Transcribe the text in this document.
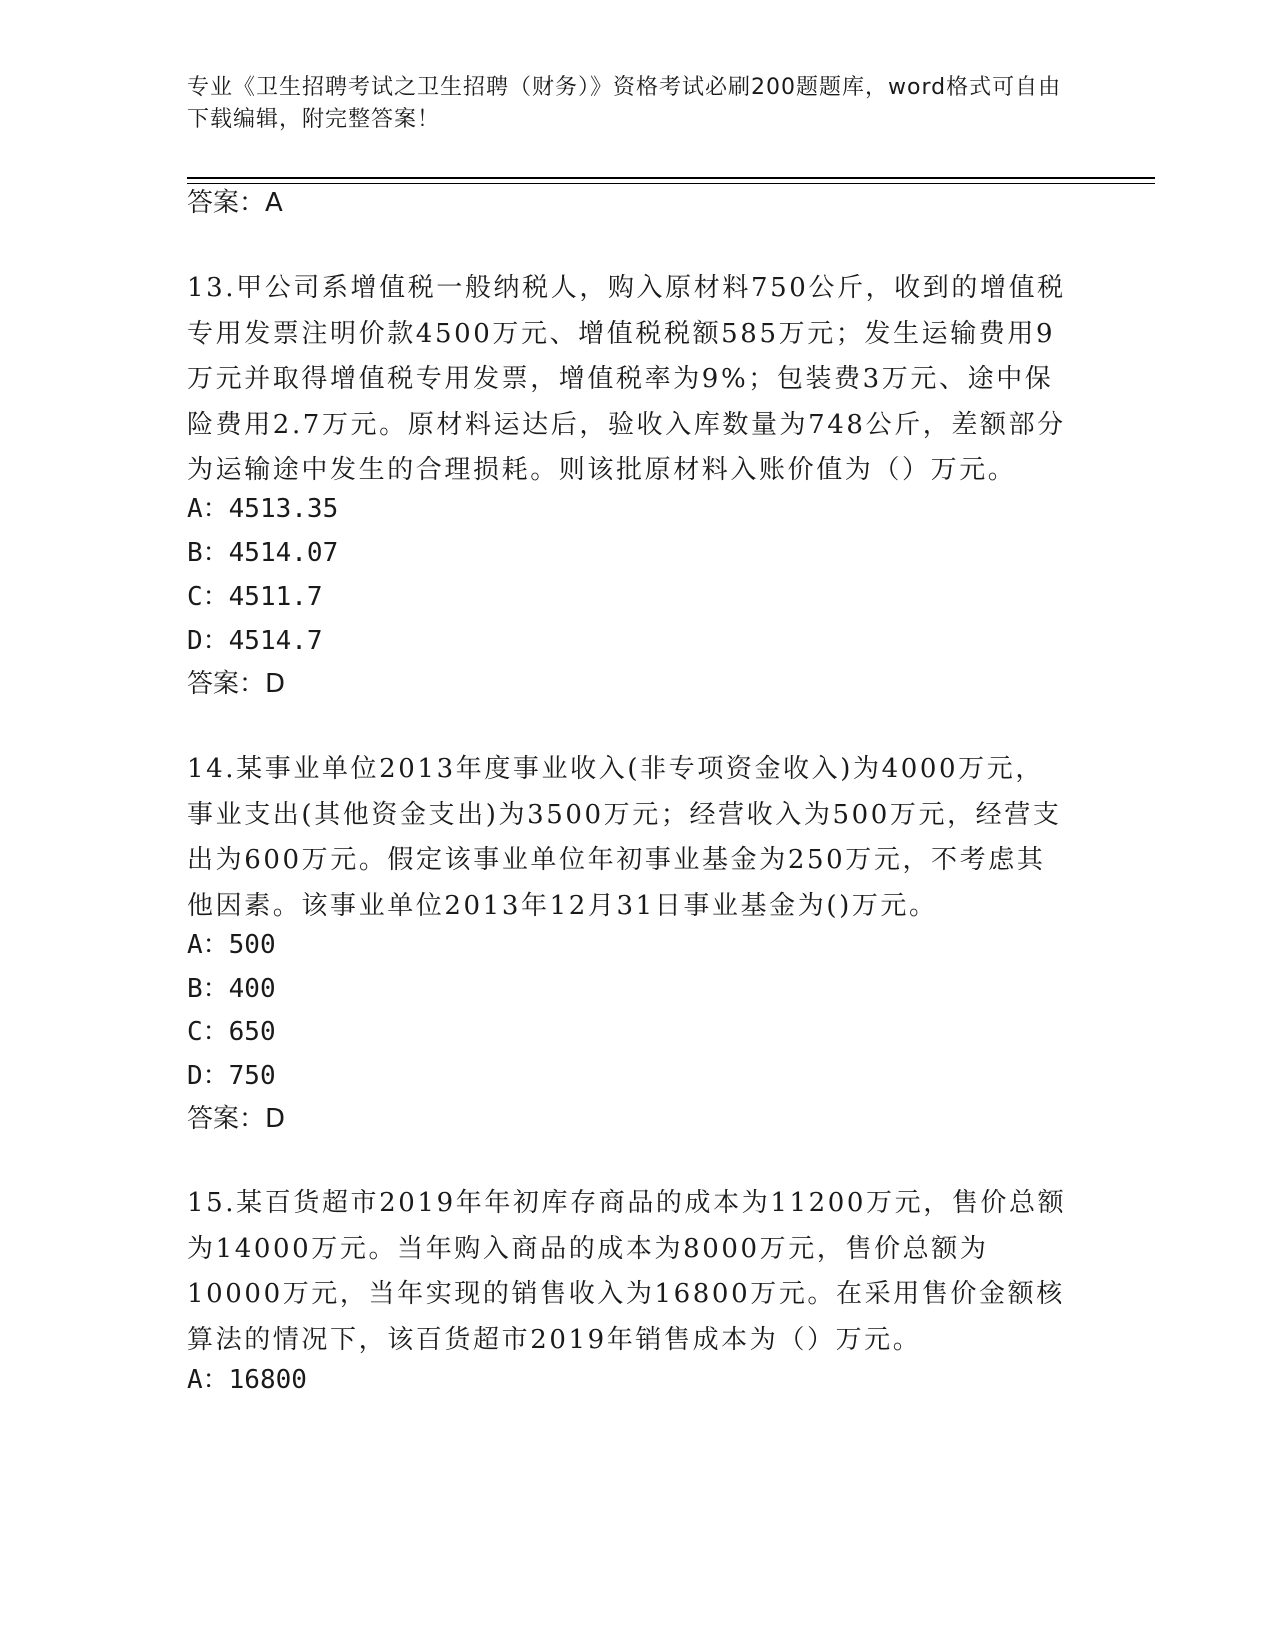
专业《卫生招聘考试之卫生招聘（财务）》资格考试必刷200题题库，word格式可自由下载编辑，附完整答案！
答案：A
13.甲公司系增值税一般纳税人，购入原材料750公斤，收到的增值税专用发票注明价款4500万元、增值税税额585万元；发生运输费用9万元并取得增值税专用发票，增值税率为9%；包装费3万元、途中保险费用2.7万元。原材料运达后，验收入库数量为748公斤，差额部分为运输途中发生的合理损耗。则该批原材料入账价值为（）万元。
A：4513.35
B：4514.07
C：4511.7
D：4514.7
答案：D
14.某事业单位2013年度事业收入(非专项资金收入)为4000万元，事业支出(其他资金支出)为3500万元；经营收入为500万元，经营支出为600万元。假定该事业单位年初事业基金为250万元，不考虑其他因素。该事业单位2013年12月31日事业基金为()万元。
A：500
B：400
C：650
D：750
答案：D
15.某百货超市2019年年初库存商品的成本为11200万元，售价总额为14000万元。当年购入商品的成本为8000万元，售价总额为10000万元，当年实现的销售收入为16800万元。在采用售价金额核算法的情况下，该百货超市2019年销售成本为（）万元。
A：16800
